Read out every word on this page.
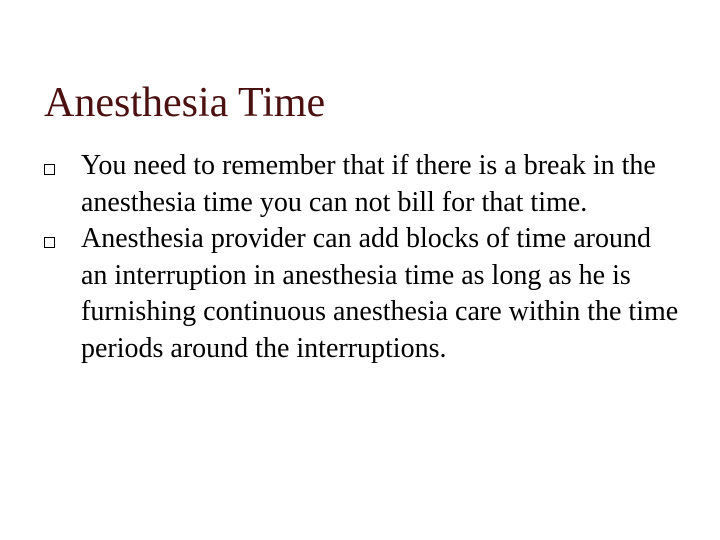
Anesthesia Time
You need to remember that if there is a break in the anesthesia time you can not bill for that time.
Anesthesia provider can add blocks of time around an interruption in anesthesia time as long as he is furnishing continuous anesthesia care within the time periods around the interruptions.
